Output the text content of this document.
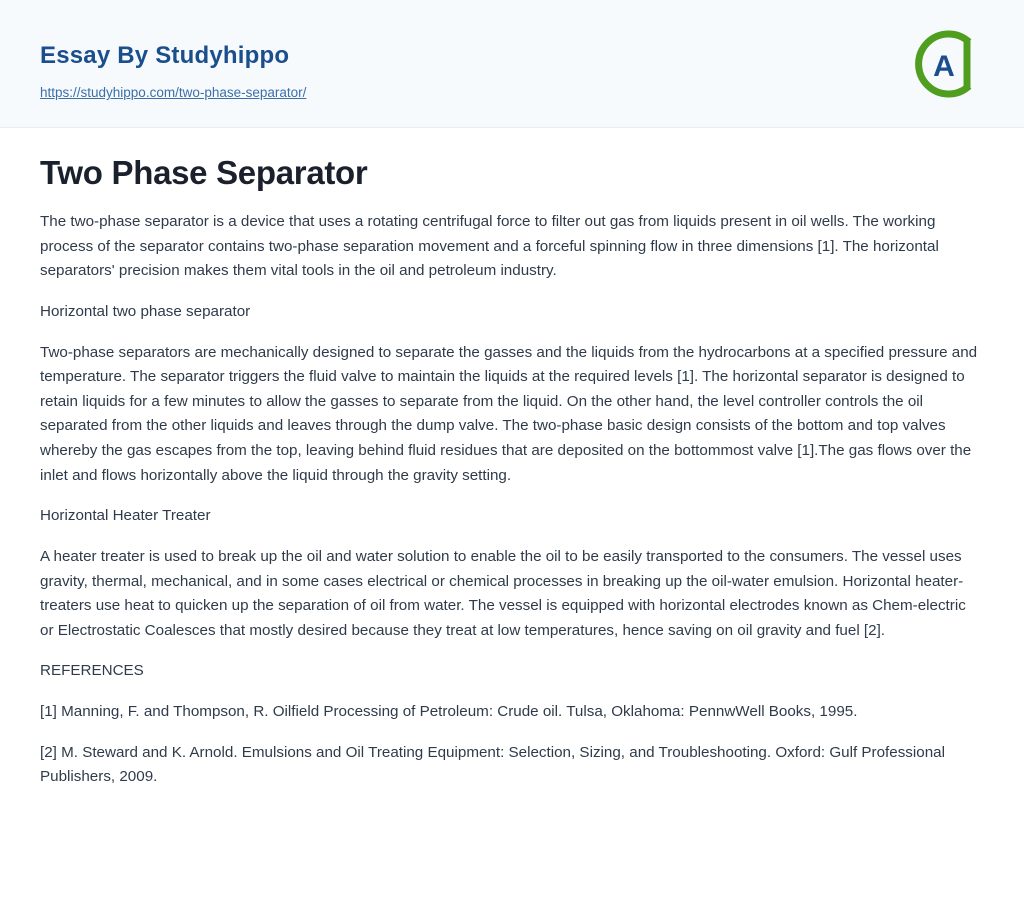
Essay By Studyhippo
https://studyhippo.com/two-phase-separator/
A
Two Phase Separator

The two-phase separator is a device that uses a rotating centrifugal force to filter out gas from liquids present in oil wells. The working process of the separator contains two-phase separation movement and a forceful spinning flow in three dimensions [1]. The horizontal separators' precision makes them vital tools in the oil and petroleum industry.

Horizontal two phase separator

Two-phase separators are mechanically designed to separate the gasses and the liquids from the hydrocarbons at a specified pressure and temperature. The separator triggers the fluid valve to maintain the liquids at the required levels [1]. The horizontal separator is designed to retain liquids for a few minutes to allow the gasses to separate from the liquid. On the other hand, the level controller controls the oil separated from the other liquids and leaves through the dump valve. The two-phase basic design consists of the bottom and top valves whereby the gas escapes from the top, leaving behind fluid residues that are deposited on the bottommost valve [1].The gas flows over the inlet and flows horizontally above the liquid through the gravity setting.

Horizontal Heater Treater

A heater treater is used to break up the oil and water solution to enable the oil to be easily transported to the consumers. The vessel uses gravity, thermal, mechanical, and in some cases electrical or chemical processes in breaking up the oil-water emulsion. Horizontal heater-treaters use heat to quicken up the separation of oil from water. The vessel is equipped with horizontal electrodes known as Chem-electric or Electrostatic Coalesces that mostly desired because they treat at low temperatures, hence saving on oil gravity and fuel [2].

REFERENCES

[1] Manning, F. and Thompson, R. Oilfield Processing of Petroleum: Crude oil. Tulsa, Oklahoma: PennwWell Books, 1995.

[2] M. Steward and K. Arnold. Emulsions and Oil Treating Equipment: Selection, Sizing, and Troubleshooting. Oxford: Gulf Professional Publishers, 2009.
